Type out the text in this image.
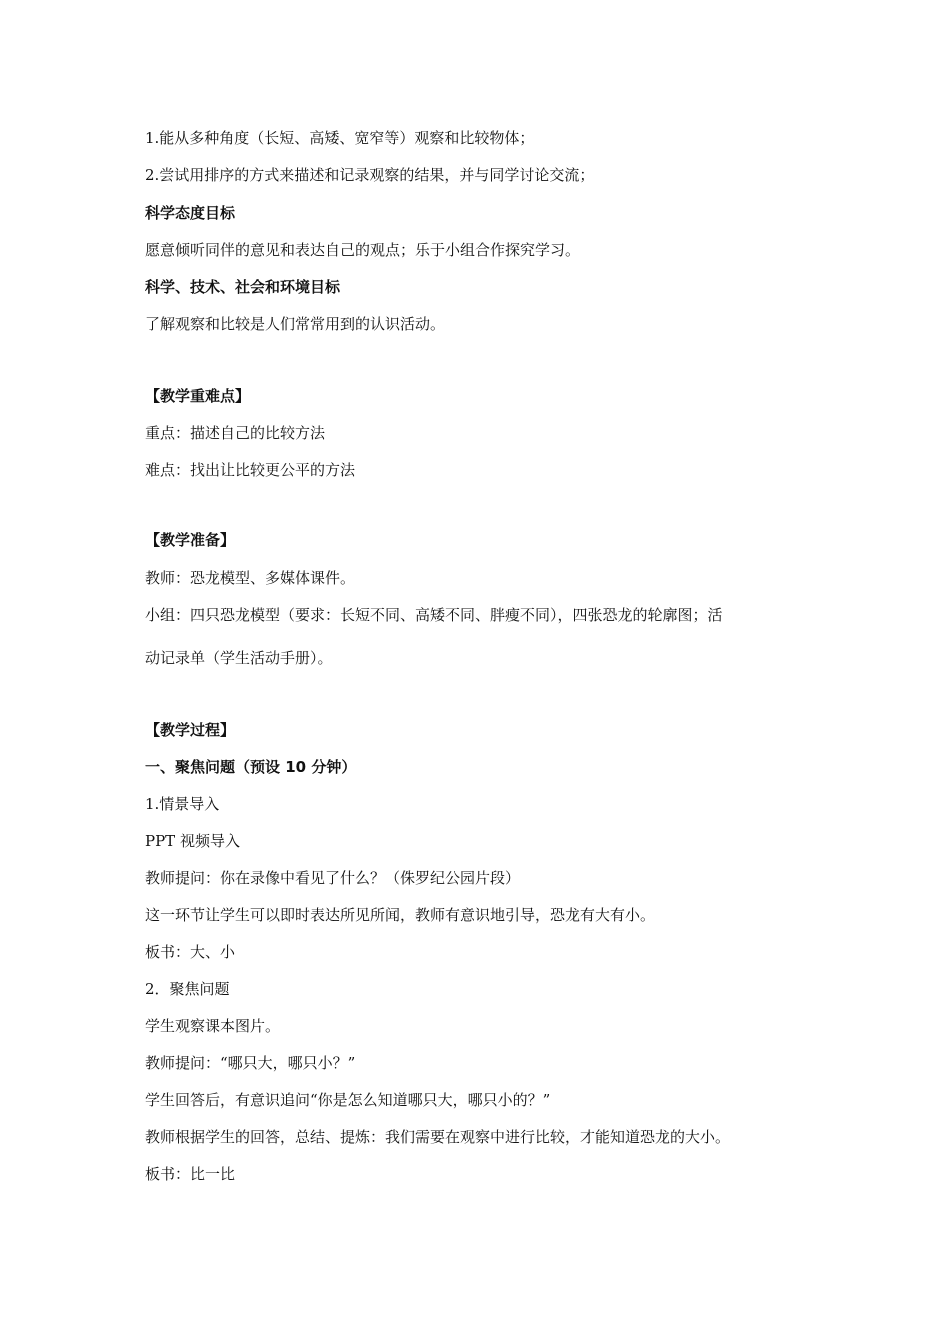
1.能从多种角度（长短、高矮、宽窄等）观察和比较物体；
2.尝试用排序的方式来描述和记录观察的结果，并与同学讨论交流；
科学态度目标
愿意倾听同伴的意见和表达自己的观点；乐于小组合作探究学习。
科学、技术、社会和环境目标
了解观察和比较是人们常常用到的认识活动。
【教学重难点】
重点：描述自己的比较方法
难点：找出让比较更公平的方法
【教学准备】
教师：恐龙模型、多媒体课件。
小组：四只恐龙模型（要求：长短不同、高矮不同、胖瘦不同），四张恐龙的轮廓图；活
动记录单（学生活动手册）。
【教学过程】
一、聚焦问题（预设 10 分钟）
1.情景导入
PPT 视频导入
教师提问：你在录像中看见了什么？（侏罗纪公园片段）
这一环节让学生可以即时表达所见所闻，教师有意识地引导，恐龙有大有小。
板书：大、小
2．聚焦问题
学生观察课本图片。
教师提问：“哪只大，哪只小？”
学生回答后，有意识追问“你是怎么知道哪只大，哪只小的？”
教师根据学生的回答，总结、提炼：我们需要在观察中进行比较，才能知道恐龙的大小。
板书：比一比
